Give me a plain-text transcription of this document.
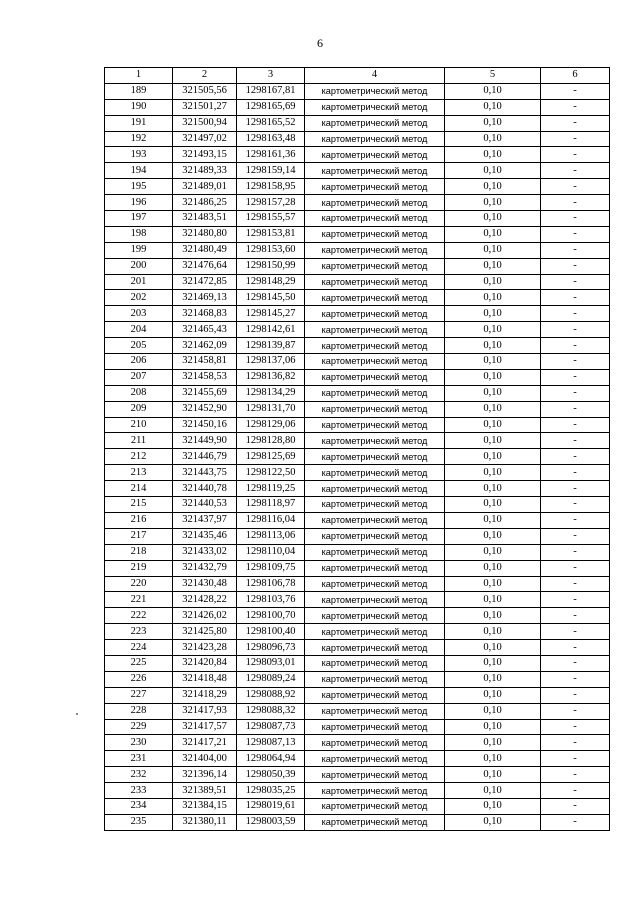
6
1	2	3	4	5	6
189	321505,56	1298167,81	картометрический метод	0,10	-
190	321501,27	1298165,69	картометрический метод	0,10	-
191	321500,94	1298165,52	картометрический метод	0,10	-
192	321497,02	1298163,48	картометрический метод	0,10	-
193	321493,15	1298161,36	картометрический метод	0,10	-
194	321489,33	1298159,14	картометрический метод	0,10	-
195	321489,01	1298158,95	картометрический метод	0,10	-
196	321486,25	1298157,28	картометрический метод	0,10	-
197	321483,51	1298155,57	картометрический метод	0,10	-
198	321480,80	1298153,81	картометрический метод	0,10	-
199	321480,49	1298153,60	картометрический метод	0,10	-
200	321476,64	1298150,99	картометрический метод	0,10	-
201	321472,85	1298148,29	картометрический метод	0,10	-
202	321469,13	1298145,50	картометрический метод	0,10	-
203	321468,83	1298145,27	картометрический метод	0,10	-
204	321465,43	1298142,61	картометрический метод	0,10	-
205	321462,09	1298139,87	картометрический метод	0,10	-
206	321458,81	1298137,06	картометрический метод	0,10	-
207	321458,53	1298136,82	картометрический метод	0,10	-
208	321455,69	1298134,29	картометрический метод	0,10	-
209	321452,90	1298131,70	картометрический метод	0,10	-
210	321450,16	1298129,06	картометрический метод	0,10	-
211	321449,90	1298128,80	картометрический метод	0,10	-
212	321446,79	1298125,69	картометрический метод	0,10	-
213	321443,75	1298122,50	картометрический метод	0,10	-
214	321440,78	1298119,25	картометрический метод	0,10	-
215	321440,53	1298118,97	картометрический метод	0,10	-
216	321437,97	1298116,04	картометрический метод	0,10	-
217	321435,46	1298113,06	картометрический метод	0,10	-
218	321433,02	1298110,04	картометрический метод	0,10	-
219	321432,79	1298109,75	картометрический метод	0,10	-
220	321430,48	1298106,78	картометрический метод	0,10	-
221	321428,22	1298103,76	картометрический метод	0,10	-
222	321426,02	1298100,70	картометрический метод	0,10	-
223	321425,80	1298100,40	картометрический метод	0,10	-
224	321423,28	1298096,73	картометрический метод	0,10	-
225	321420,84	1298093,01	картометрический метод	0,10	-
226	321418,48	1298089,24	картометрический метод	0,10	-
227	321418,29	1298088,92	картометрический метод	0,10	-
228	321417,93	1298088,32	картометрический метод	0,10	-
229	321417,57	1298087,73	картометрический метод	0,10	-
230	321417,21	1298087,13	картометрический метод	0,10	-
231	321404,00	1298064,94	картометрический метод	0,10	-
232	321396,14	1298050,39	картометрический метод	0,10	-
233	321389,51	1298035,25	картометрический метод	0,10	-
234	321384,15	1298019,61	картометрический метод	0,10	-
235	321380,11	1298003,59	картометрический метод	0,10	-
